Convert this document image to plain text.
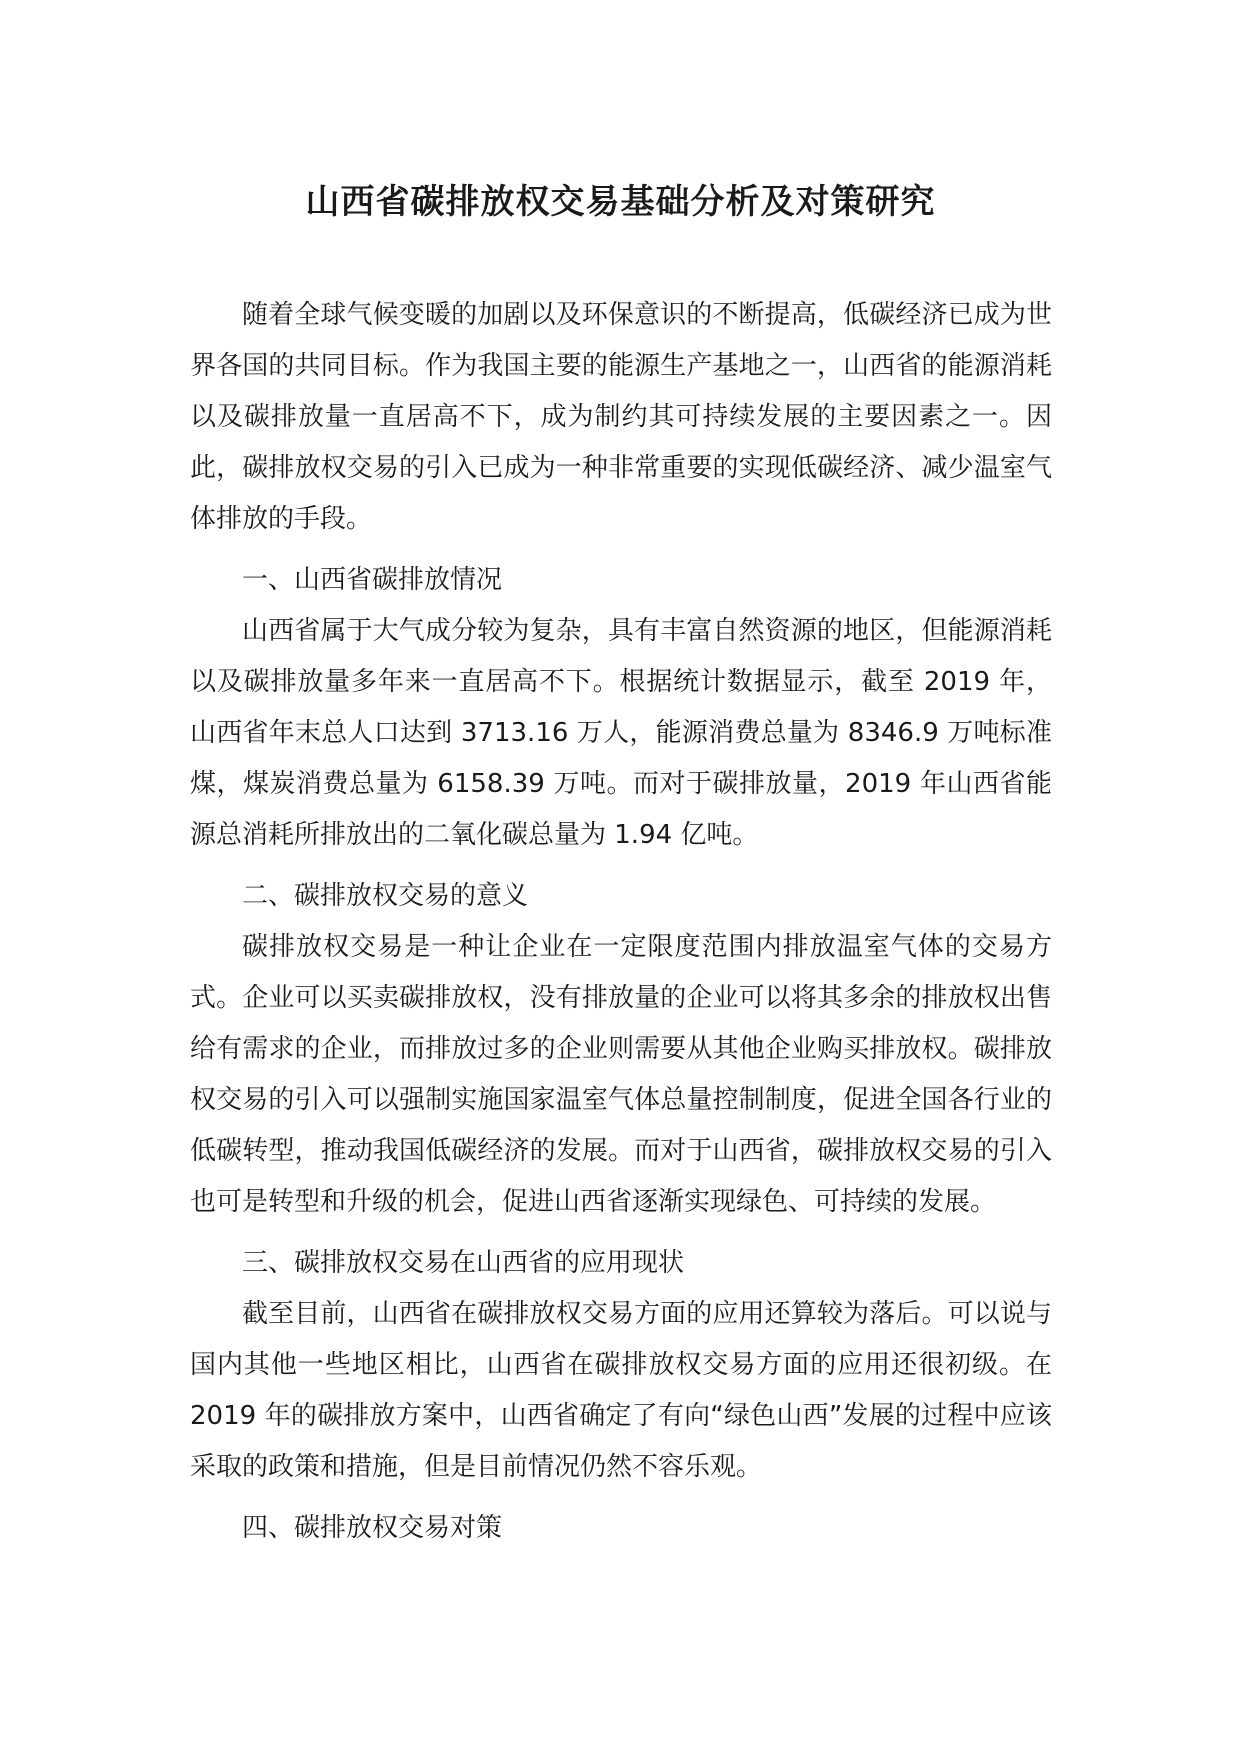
山西省碳排放权交易基础分析及对策研究

随着全球气候变暖的加剧以及环保意识的不断提高，低碳经济已成为世界各国的共同目标。作为我国主要的能源生产基地之一，山西省的能源消耗以及碳排放量一直居高不下，成为制约其可持续发展的主要因素之一。因此，碳排放权交易的引入已成为一种非常重要的实现低碳经济、减少温室气体排放的手段。

一、山西省碳排放情况

山西省属于大气成分较为复杂，具有丰富自然资源的地区，但能源消耗以及碳排放量多年来一直居高不下。根据统计数据显示，截至 2019 年，山西省年末总人口达到 3713.16 万人，能源消费总量为 8346.9 万吨标准煤，煤炭消费总量为 6158.39 万吨。而对于碳排放量，2019 年山西省能源总消耗所排放出的二氧化碳总量为 1.94 亿吨。

二、碳排放权交易的意义

碳排放权交易是一种让企业在一定限度范围内排放温室气体的交易方式。企业可以买卖碳排放权，没有排放量的企业可以将其多余的排放权出售给有需求的企业，而排放过多的企业则需要从其他企业购买排放权。碳排放权交易的引入可以强制实施国家温室气体总量控制制度，促进全国各行业的低碳转型，推动我国低碳经济的发展。而对于山西省，碳排放权交易的引入也可是转型和升级的机会，促进山西省逐渐实现绿色、可持续的发展。

三、碳排放权交易在山西省的应用现状

截至目前，山西省在碳排放权交易方面的应用还算较为落后。可以说与国内其他一些地区相比，山西省在碳排放权交易方面的应用还很初级。在 2019 年的碳排放方案中，山西省确定了有向“绿色山西”发展的过程中应该采取的政策和措施，但是目前情况仍然不容乐观。

四、碳排放权交易对策
